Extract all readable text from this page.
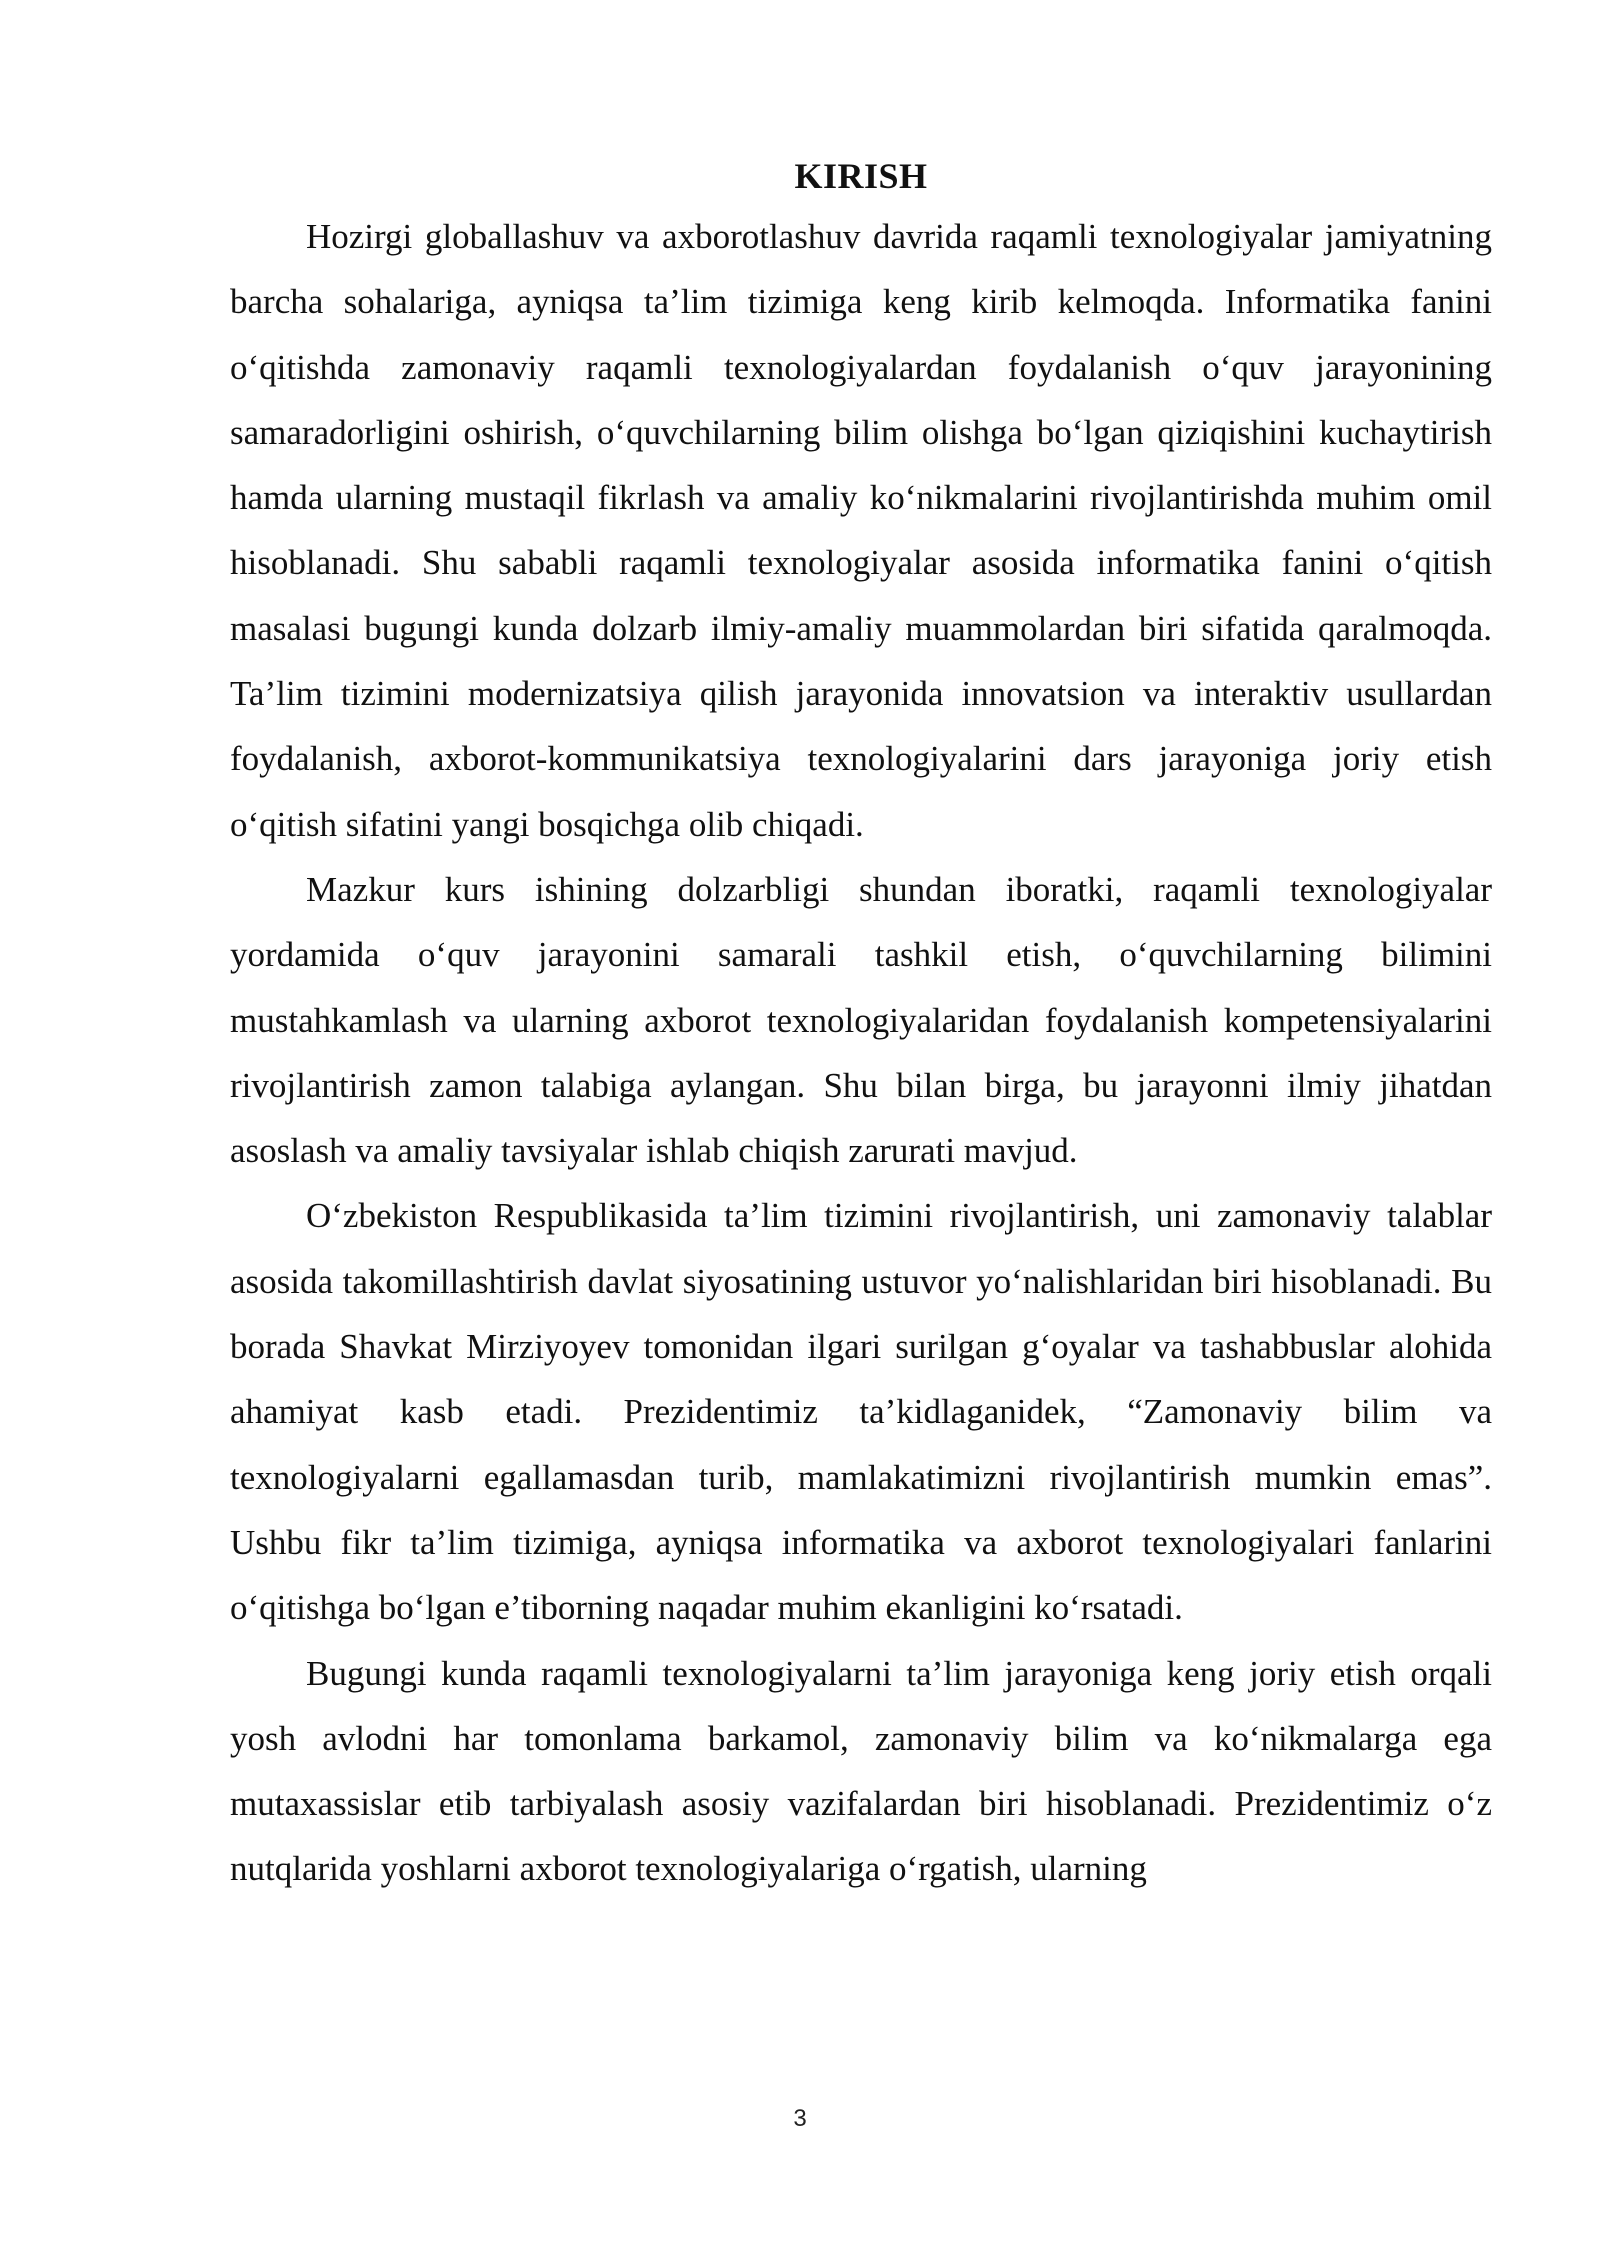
KIRISH

Hozirgi globallashuv va axborotlashuv davrida raqamli texnologiyalar jamiyatning barcha sohalariga, ayniqsa ta’lim tizimiga keng kirib kelmoqda. Informatika fanini o‘qitishda zamonaviy raqamli texnologiyalardan foydalanish o‘quv jarayonining samaradorligini oshirish, o‘quvchilarning bilim olishga bo‘lgan qiziqishini kuchaytirish hamda ularning mustaqil fikrlash va amaliy ko‘nikmalarini rivojlantirishda muhim omil hisoblanadi. Shu sababli raqamli texnologiyalar asosida informatika fanini o‘qitish masalasi bugungi kunda dolzarb ilmiy-amaliy muammolardan biri sifatida qaralmoqda. Ta’lim tizimini modernizatsiya qilish jarayonida innovatsion va interaktiv usullardan foydalanish, axborot-kommunikatsiya texnologiyalarini dars jarayoniga joriy etish o‘qitish sifatini yangi bosqichga olib chiqadi.

Mazkur kurs ishining dolzarbligi shundan iboratki, raqamli texnologiyalar yordamida o‘quv jarayonini samarali tashkil etish, o‘quvchilarning bilimini mustahkamlash va ularning axborot texnologiyalaridan foydalanish kompetensiyalarini rivojlantirish zamon talabiga aylangan. Shu bilan birga, bu jarayonni ilmiy jihatdan asoslash va amaliy tavsiyalar ishlab chiqish zarurati mavjud.

O‘zbekiston Respublikasida ta’lim tizimini rivojlantirish, uni zamonaviy talablar asosida takomillashtirish davlat siyosatining ustuvor yo‘nalishlaridan biri hisoblanadi. Bu borada Shavkat Mirziyoyev tomonidan ilgari surilgan g‘oyalar va tashabbuslar alohida ahamiyat kasb etadi. Prezidentimiz ta’kidlaganidek, “Zamonaviy bilim va texnologiyalarni egallamasdan turib, mamlakatimizni rivojlantirish mumkin emas”. Ushbu fikr ta’lim tizimiga, ayniqsa informatika va axborot texnologiyalari fanlarini o‘qitishga bo‘lgan e’tiborning naqadar muhim ekanligini ko‘rsatadi.

Bugungi kunda raqamli texnologiyalarni ta’lim jarayoniga keng joriy etish orqali yosh avlodni har tomonlama barkamol, zamonaviy bilim va ko‘nikmalarga ega mutaxassislar etib tarbiyalash asosiy vazifalardan biri hisoblanadi. Prezidentimiz o‘z nutqlarida yoshlarni axborot texnologiyalariga o‘rgatish, ularning

3
